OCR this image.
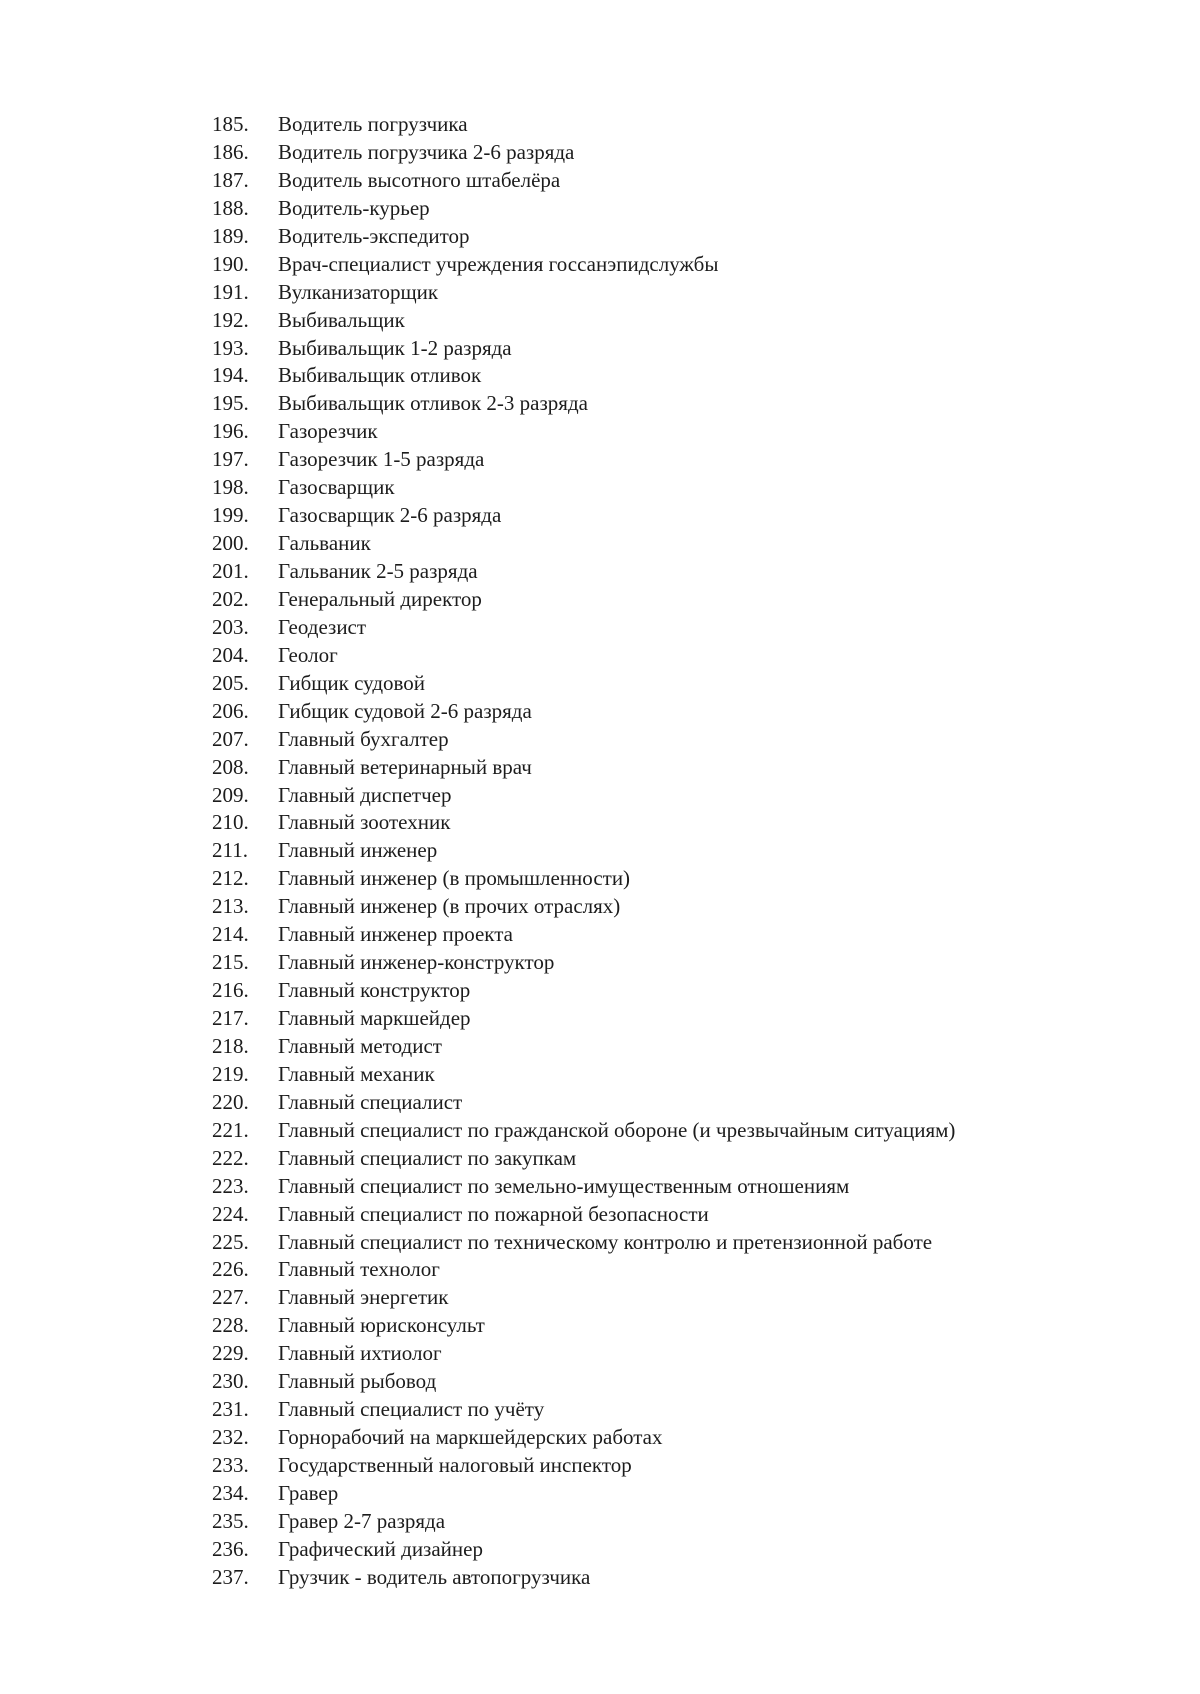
185. Водитель погрузчика
186. Водитель погрузчика 2-6 разряда
187. Водитель высотного штабелёра
188. Водитель-курьер
189. Водитель-экспедитор
190. Врач-специалист учреждения госсанэпидслужбы
191. Вулканизаторщик
192. Выбивальщик
193. Выбивальщик 1-2 разряда
194. Выбивальщик отливок
195. Выбивальщик отливок 2-3 разряда
196. Газорезчик
197. Газорезчик 1-5 разряда
198. Газосварщик
199. Газосварщик 2-6 разряда
200. Гальваник
201. Гальваник 2-5 разряда
202. Генеральный директор
203. Геодезист
204. Геолог
205. Гибщик судовой
206. Гибщик судовой 2-6 разряда
207. Главный бухгалтер
208. Главный ветеринарный врач
209. Главный диспетчер
210. Главный зоотехник
211. Главный инженер
212. Главный инженер (в промышленности)
213. Главный инженер (в прочих отраслях)
214. Главный инженер проекта
215. Главный инженер-конструктор
216. Главный конструктор
217. Главный маркшейдер
218. Главный методист
219. Главный механик
220. Главный специалист
221. Главный специалист по гражданской обороне (и чрезвычайным ситуациям)
222. Главный специалист по закупкам
223. Главный специалист по земельно-имущественным отношениям
224. Главный специалист по пожарной безопасности
225. Главный специалист по техническому контролю и претензионной работе
226. Главный технолог
227. Главный энергетик
228. Главный юрисконсульт
229. Главный ихтиолог
230. Главный рыбовод
231. Главный специалист по учёту
232. Горнорабочий на маркшейдерских работах
233. Государственный налоговый инспектор
234. Гравер
235. Гравер 2-7 разряда
236. Графический дизайнер
237. Грузчик - водитель автопогрузчика
